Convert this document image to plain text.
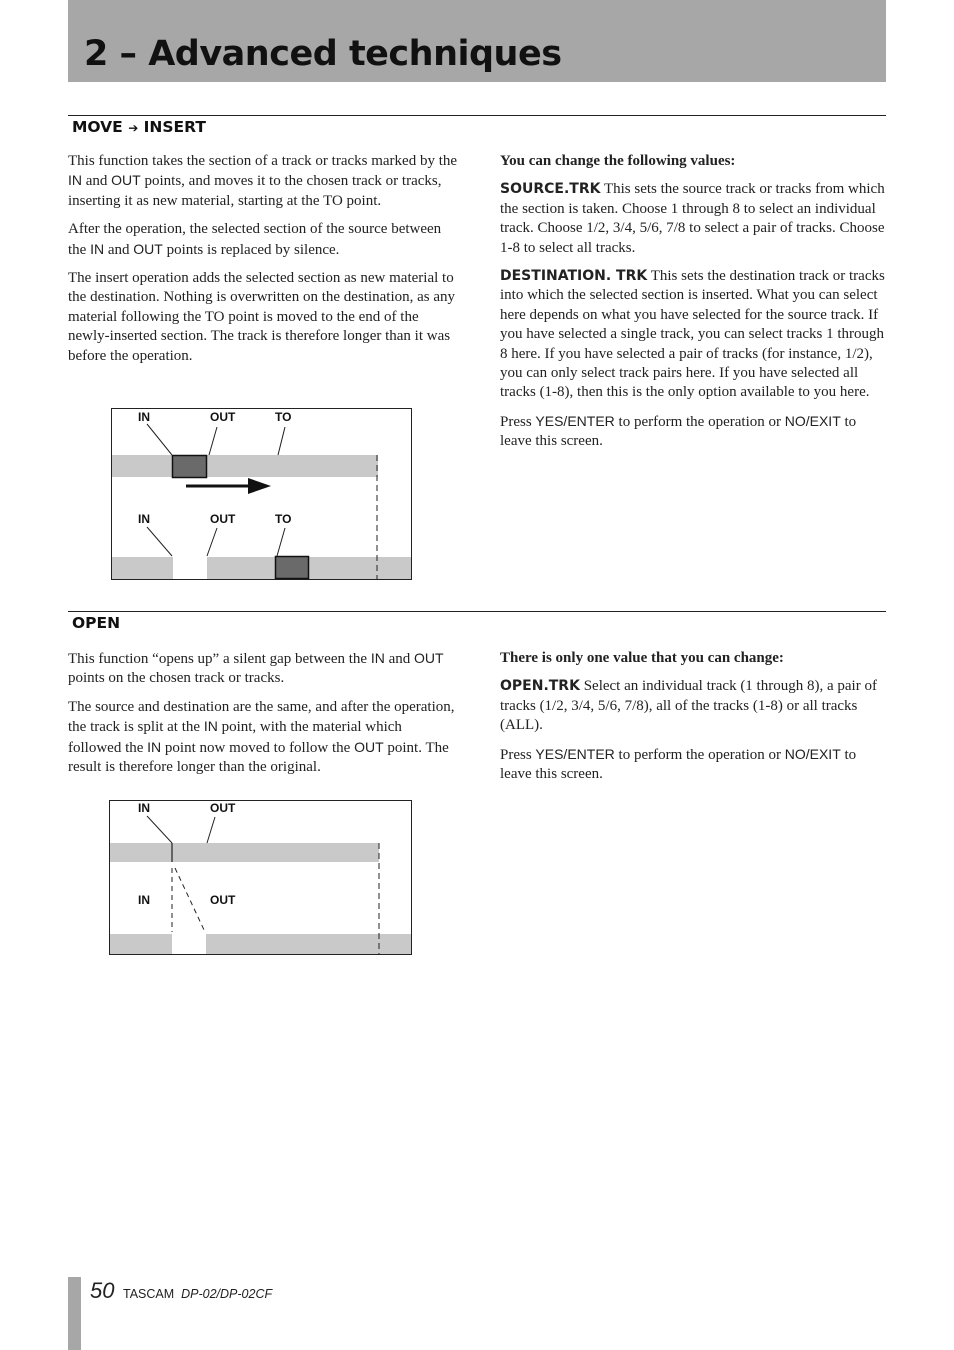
2 – Advanced techniques
MOVE ➔ INSERT

This function takes the section of a track or tracks marked by the IN and OUT points, and moves it to the chosen track or tracks, inserting it as new material, starting at the TO point.

After the operation, the selected section of the source between the IN and OUT points is replaced by silence.

The insert operation adds the selected section as new material to the destination. Nothing is overwritten on the destination, as any material following the TO point is moved to the end of the newly-inserted section. The track is therefore longer than it was before the operation.

IN	OUT	TO
IN	OUT	TO

You can change the following values:

SOURCE.TRK This sets the source track or tracks from which the section is taken. Choose 1 through 8 to select an individual track. Choose 1/2, 3/4, 5/6, 7/8 to select a pair of tracks. Choose 1-8 to select all tracks.

DESTINATION. TRK This sets the destination track or tracks into which the selected section is inserted. What you can select here depends on what you have selected for the source track. If you have selected a single track, you can select tracks 1 through 8 here. If you have selected a pair of tracks (for instance, 1/2), you can only select track pairs here. If you have selected all tracks (1-8), then this is the only option available to you here.

Press YES/ENTER to perform the operation or NO/EXIT to leave this screen.

OPEN

This function “opens up” a silent gap between the IN and OUT points on the chosen track or tracks.

The source and destination are the same, and after the operation, the track is split at the IN point, with the material which followed the IN point now moved to follow the OUT point. The result is therefore longer than the original.

IN	OUT
IN	OUT

There is only one value that you can change:

OPEN.TRK Select an individual track (1 through 8), a pair of tracks (1/2, 3/4, 5/6, 7/8), all of the tracks (1-8) or all tracks (ALL).

Press YES/ENTER to perform the operation or NO/EXIT to leave this screen.

50 TASCAM DP-02/DP-02CF
